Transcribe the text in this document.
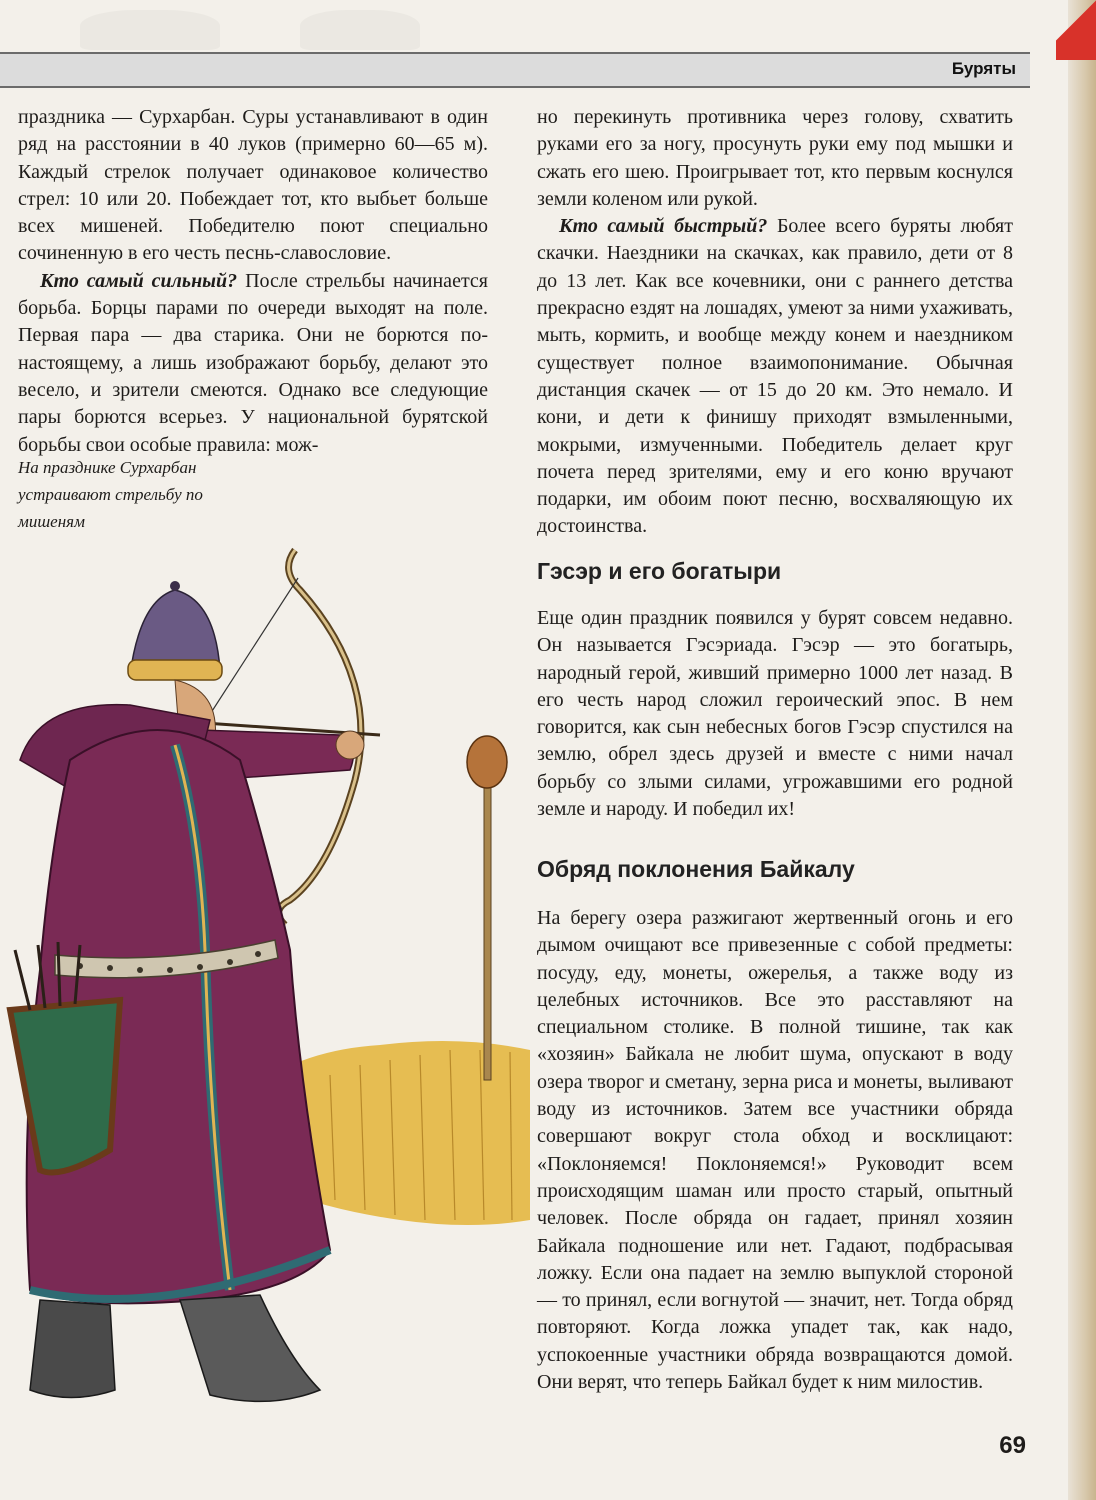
Буряты

праздника — Сурхарбан. Суры устанавливают в один ряд на расстоянии в 40 луков (примерно 60—65 м). Каждый стрелок получает одинаковое количество стрел: 10 или 20. Побеждает тот, кто выбьет больше всех мишеней. Победителю поют специально сочиненную в его честь песнь-славословие.

Кто самый сильный? После стрельбы начинается борьба. Борцы парами по очереди выходят на поле. Первая пара — два старика. Они не борются по-настоящему, а лишь изображают борьбу, делают это весело, и зрители смеются. Однако все следующие пары борются всерьез. У национальной бурятской борьбы свои особые правила: мож-

На празднике Сурхарбан устраивают стрельбу по мишеням

но перекинуть противника через голову, схватить руками его за ногу, просунуть руки ему под мышки и сжать его шею. Проигрывает тот, кто первым коснулся земли коленом или рукой.

Кто самый быстрый? Более всего буряты любят скачки. Наездники на скачках, как правило, дети от 8 до 13 лет. Как все кочевники, они с раннего детства прекрасно ездят на лошадях, умеют за ними ухаживать, мыть, кормить, и вообще между конем и наездником существует полное взаимопонимание. Обычная дистанция скачек — от 15 до 20 км. Это немало. И кони, и дети к финишу приходят взмыленными, мокрыми, измученными. Победитель делает круг почета перед зрителями, ему и его коню вручают подарки, им обоим поют песню, восхваляющую их достоинства.

Гэсэр и его богатыри

Еще один праздник появился у бурят совсем недавно. Он называется Гэсэриада. Гэсэр — это богатырь, народный герой, живший примерно 1000 лет назад. В его честь народ сложил героический эпос. В нем говорится, как сын небесных богов Гэсэр спустился на землю, обрел здесь друзей и вместе с ними начал борьбу со злыми силами, угрожавшими его родной земле и народу. И победил их!

Обряд поклонения Байкалу

На берегу озера разжигают жертвенный огонь и его дымом очищают все привезенные с собой предметы: посуду, еду, монеты, ожерелья, а также воду из целебных источников. Все это расставляют на специальном столике. В полной тишине, так как «хозяин» Байкала не любит шума, опускают в воду озера творог и сметану, зерна риса и монеты, выливают воду из источников. Затем все участники обряда совершают вокруг стола обход и восклицают: «Поклоняемся! Поклоняемся!» Руководит всем происходящим шаман или просто старый, опытный человек. После обряда он гадает, принял хозяин Байкала подношение или нет. Гадают, подбрасывая ложку. Если она падает на землю выпуклой стороной — то принял, если вогнутой — значит, нет. Тогда обряд повторяют. Когда ложка упадет так, как надо, успокоенные участники обряда возвращаются домой. Они верят, что теперь Байкал будет к ним милостив.

69
